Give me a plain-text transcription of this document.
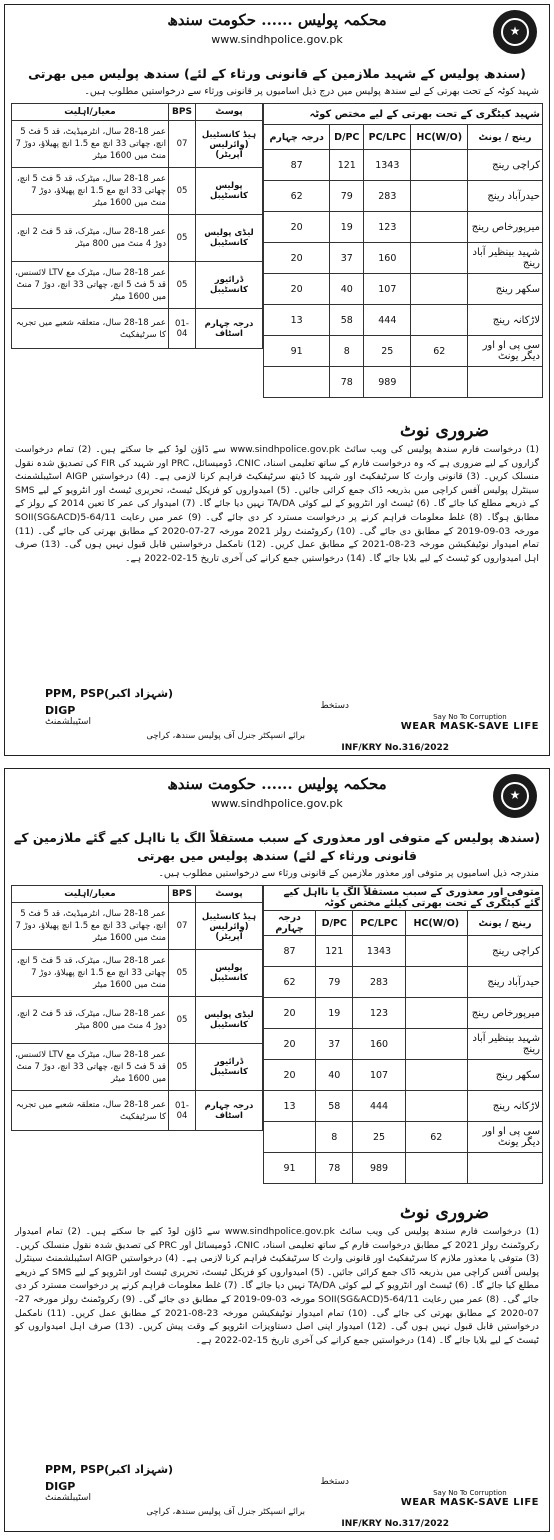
محکمہ پولیس ...... حکومت سندھ
www.sindhpolice.gov.pk
★
(سندھ پولیس کے شہید ملازمین کے قانونی ورثاء کے لئے) سندھ پولیس میں بھرتی
شہید کوٹہ کے تحت بھرتی کے لیے سندھ پولیس میں درج ذیل اسامیوں پر قانونی ورثاء سے درخواستیں مطلوب ہیں۔
معیار/اہلیت	BPS	پوسٹ
عمر 18-28 سال، انٹرمیڈیٹ، قد 5 فٹ 5 انچ، چھاتی 33 انچ مع 1.5 انچ پھیلاؤ، دوڑ 7 منٹ میں 1600 میٹر	07	ہیڈ کانسٹیبل (وائرلیس آپریٹر)
عمر 18-28 سال، میٹرک، قد 5 فٹ 5 انچ، چھاتی 33 انچ مع 1.5 انچ پھیلاؤ، دوڑ 7 منٹ میں 1600 میٹر	05	پولیس کانسٹیبل
عمر 18-28 سال، میٹرک، قد 5 فٹ 2 انچ، دوڑ 4 منٹ میں 800 میٹر	05	لیڈی پولیس کانسٹیبل
عمر 18-28 سال، میٹرک مع LTV لائسنس، قد 5 فٹ 5 انچ، چھاتی 33 انچ، دوڑ 7 منٹ میں 1600 میٹر	05	ڈرائیور کانسٹیبل
عمر 18-28 سال، متعلقہ شعبے میں تجربہ کا سرٹیفکیٹ	01-04	درجہ چہارم اسٹاف
شہید کیٹگری کے تحت بھرتی کے لیے مختص کوٹہ				
درجہ چہارم	D/PC	PC/LPC	HC(W/O)	رینج / یونٹ
87	121	1343		کراچی رینج
62	79	283		حیدرآباد رینج
20	19	123		میرپورخاص رینج
20	37	160		شہید بینظیر آباد رینج
20	40	107		سکھر رینج
13	58	444		لاڑکانہ رینج
91	8	25	62	سی پی او اور دیگر یونٹ
	78	989		
ضروری نوٹ
(1) درخواست فارم سندھ پولیس کی ویب سائٹ www.sindhpolice.gov.pk سے ڈاؤن لوڈ کیے جا سکتے ہیں۔ (2) تمام درخواست گزاروں کے لیے ضروری ہے کہ وہ درخواست فارم کے ساتھ تعلیمی اسناد، CNIC، ڈومیسائل، PRC اور شہید کی FIR کی تصدیق شدہ نقول منسلک کریں۔ (3) قانونی وارث کا سرٹیفکیٹ اور شہید کا ڈیتھ سرٹیفکیٹ فراہم کرنا لازمی ہے۔ (4) درخواستیں AIGP اسٹیبلشمنٹ سینٹرل پولیس آفس کراچی میں بذریعہ ڈاک جمع کرائی جائیں۔ (5) امیدواروں کو فزیکل ٹیسٹ، تحریری ٹیسٹ اور انٹرویو کے لیے SMS کے ذریعے مطلع کیا جائے گا۔ (6) ٹیسٹ اور انٹرویو کے لیے کوئی TA/DA نہیں دیا جائے گا۔ (7) امیدوار کی عمر کا تعین 2014 کے رولز کے مطابق ہوگا۔ (8) غلط معلومات فراہم کرنے پر درخواست مسترد کر دی جائے گی۔ (9) عمر میں رعایت SOII(SG&ACD)5-64/11 مورخہ 03-09-2019 کے مطابق دی جائے گی۔ (10) رکروٹمنٹ رولز 2021 مورخہ 27-07-2020 کے مطابق بھرتی کی جائے گی۔ (11) تمام امیدوار نوٹیفکیشن مورخہ 23-08-2021 کے مطابق عمل کریں۔ (12) نامکمل درخواستیں قابل قبول نہیں ہوں گی۔ (13) صرف اہل امیدواروں کو ٹیسٹ کے لیے بلایا جائے گا۔ (14) درخواستیں جمع کرانے کی آخری تاریخ 15-02-2022 ہے۔
PPM, PSP(شہزاد اکبر)
DIGP
اسٹیبلشمنٹ
برائے انسپکٹر جنرل آف پولیس سندھ، کراچی
دستخط
Say No To Corruption
WEAR MASK-SAVE LIFE
INF/KRY No.316/2022
محکمہ پولیس ...... حکومت سندھ
www.sindhpolice.gov.pk
★
(سندھ پولیس کے متوفی اور معذوری کے سبب مستقلاً الگ یا نااہل کیے گئے ملازمین کے قانونی ورثاء کے لئے) سندھ پولیس میں بھرتی
مندرجہ ذیل اسامیوں پر متوفی اور معذور ملازمین کے قانونی ورثاء سے درخواستیں مطلوب ہیں۔
معیار/اہلیت	BPS	پوسٹ
عمر 18-28 سال، انٹرمیڈیٹ، قد 5 فٹ 5 انچ، چھاتی 33 انچ مع 1.5 انچ پھیلاؤ، دوڑ 7 منٹ میں 1600 میٹر	07	ہیڈ کانسٹیبل (وائرلیس آپریٹر)
عمر 18-28 سال، میٹرک، قد 5 فٹ 5 انچ، چھاتی 33 انچ مع 1.5 انچ پھیلاؤ، دوڑ 7 منٹ میں 1600 میٹر	05	پولیس کانسٹیبل
عمر 18-28 سال، میٹرک، قد 5 فٹ 2 انچ، دوڑ 4 منٹ میں 800 میٹر	05	لیڈی پولیس کانسٹیبل
عمر 18-28 سال، میٹرک مع LTV لائسنس، قد 5 فٹ 5 انچ، چھاتی 33 انچ، دوڑ 7 منٹ میں 1600 میٹر	05	ڈرائیور کانسٹیبل
عمر 18-28 سال، متعلقہ شعبے میں تجربہ کا سرٹیفکیٹ	01-04	درجہ چہارم اسٹاف
متوفی اور معذوری کے سبب مستقلاً الگ یا نااہل کیے گئے کیٹگری کے تحت بھرتی کیلئے مختص کوٹہ				
درجہ چہارم	D/PC	PC/LPC	HC(W/O)	رینج / یونٹ
87	121	1343		کراچی رینج
62	79	283		حیدرآباد رینج
20	19	123		میرپورخاص رینج
20	37	160		شہید بینظیر آباد رینج
20	40	107		سکھر رینج
13	58	444		لاڑکانہ رینج
	8	25	62	سی پی او اور دیگر یونٹ
91	78	989		
ضروری نوٹ
(1) درخواست فارم سندھ پولیس کی ویب سائٹ www.sindhpolice.gov.pk سے ڈاؤن لوڈ کیے جا سکتے ہیں۔ (2) تمام امیدوار رکروٹمنٹ رولز 2021 کے مطابق درخواست فارم کے ساتھ تعلیمی اسناد، CNIC، ڈومیسائل اور PRC کی تصدیق شدہ نقول منسلک کریں۔ (3) متوفی یا معذور ملازم کا سرٹیفکیٹ اور قانونی وارث کا سرٹیفکیٹ فراہم کرنا لازمی ہے۔ (4) درخواستیں AIGP اسٹیبلشمنٹ سینٹرل پولیس آفس کراچی میں بذریعہ ڈاک جمع کرائی جائیں۔ (5) امیدواروں کو فزیکل ٹیسٹ، تحریری ٹیسٹ اور انٹرویو کے لیے SMS کے ذریعے مطلع کیا جائے گا۔ (6) ٹیسٹ اور انٹرویو کے لیے کوئی TA/DA نہیں دیا جائے گا۔ (7) غلط معلومات فراہم کرنے پر درخواست مسترد کر دی جائے گی۔ (8) عمر میں رعایت SOII(SG&ACD)5-64/11 مورخہ 03-09-2019 کے مطابق دی جائے گی۔ (9) رکروٹمنٹ رولز مورخہ 27-07-2020 کے مطابق بھرتی کی جائے گی۔ (10) تمام امیدوار نوٹیفکیشن مورخہ 23-08-2021 کے مطابق عمل کریں۔ (11) نامکمل درخواستیں قابل قبول نہیں ہوں گی۔ (12) امیدوار اپنی اصل دستاویزات انٹرویو کے وقت پیش کریں۔ (13) صرف اہل امیدواروں کو ٹیسٹ کے لیے بلایا جائے گا۔ (14) درخواستیں جمع کرانے کی آخری تاریخ 15-02-2022 ہے۔
PPM, PSP(شہزاد اکبر)
DIGP
اسٹیبلشمنٹ
برائے انسپکٹر جنرل آف پولیس سندھ، کراچی
دستخط
Say No To Corruption
WEAR MASK-SAVE LIFE
INF/KRY No.317/2022
